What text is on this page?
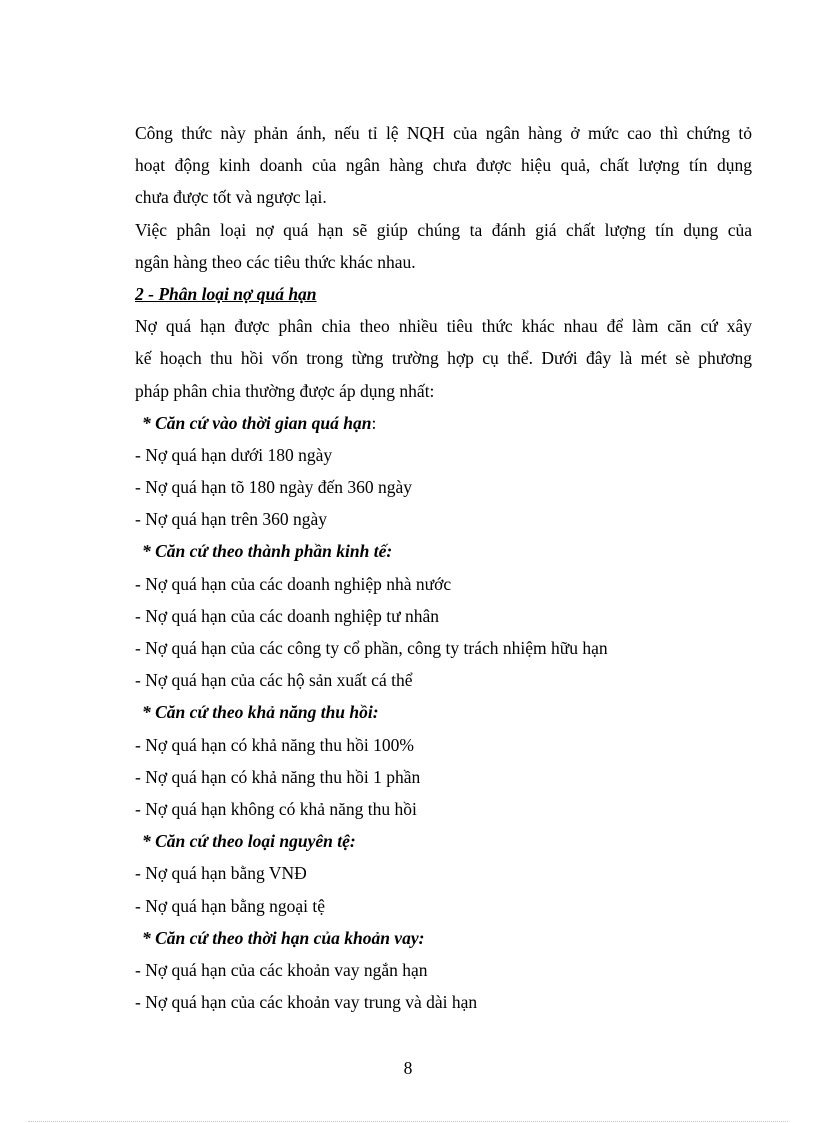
Công thức này phản ánh, nếu tỉ lệ NQH của ngân hàng ở mức cao thì chứng tỏ
hoạt động kinh doanh của ngân hàng chưa được hiệu quả, chất lượng tín dụng
chưa được tốt và ngược lại.
Việc phân loại nợ quá hạn sẽ giúp chúng ta đánh giá chất lượng tín dụng của
ngân hàng theo các tiêu thức khác nhau.
2 - Phân loại nợ quá hạn
Nợ quá hạn được phân chia theo nhiều tiêu thức khác nhau để làm căn cứ xây
kế hoạch thu hồi vốn trong từng trường hợp cụ thể. Dưới đây là mét sè phương
pháp phân chia thường được áp dụng nhất:
* Căn cứ vào thời gian quá hạn:
- Nợ quá hạn dưới 180 ngày
- Nợ quá hạn tõ 180 ngày đến 360 ngày
- Nợ quá hạn trên 360 ngày
* Căn cứ theo thành phần kinh tế:
- Nợ quá hạn của các doanh nghiệp nhà nước
- Nợ quá hạn của các doanh nghiệp tư nhân
- Nợ quá hạn của các công ty cổ phần, công ty trách nhiệm hữu hạn
- Nợ quá hạn của các hộ sản xuất cá thể
* Căn cứ theo khả năng thu hồi:
- Nợ quá hạn có khả năng thu hồi 100%
- Nợ quá hạn có khả năng thu hồi 1 phần
- Nợ quá hạn không có khả năng thu hồi
* Căn cứ theo loại nguyên tệ:
- Nợ quá hạn bằng VNĐ
- Nợ quá hạn bằng ngoại tệ
* Căn cứ theo thời hạn của khoản vay:
- Nợ quá hạn của các khoản vay ngắn hạn
- Nợ quá hạn của các khoản vay trung và dài hạn
8
